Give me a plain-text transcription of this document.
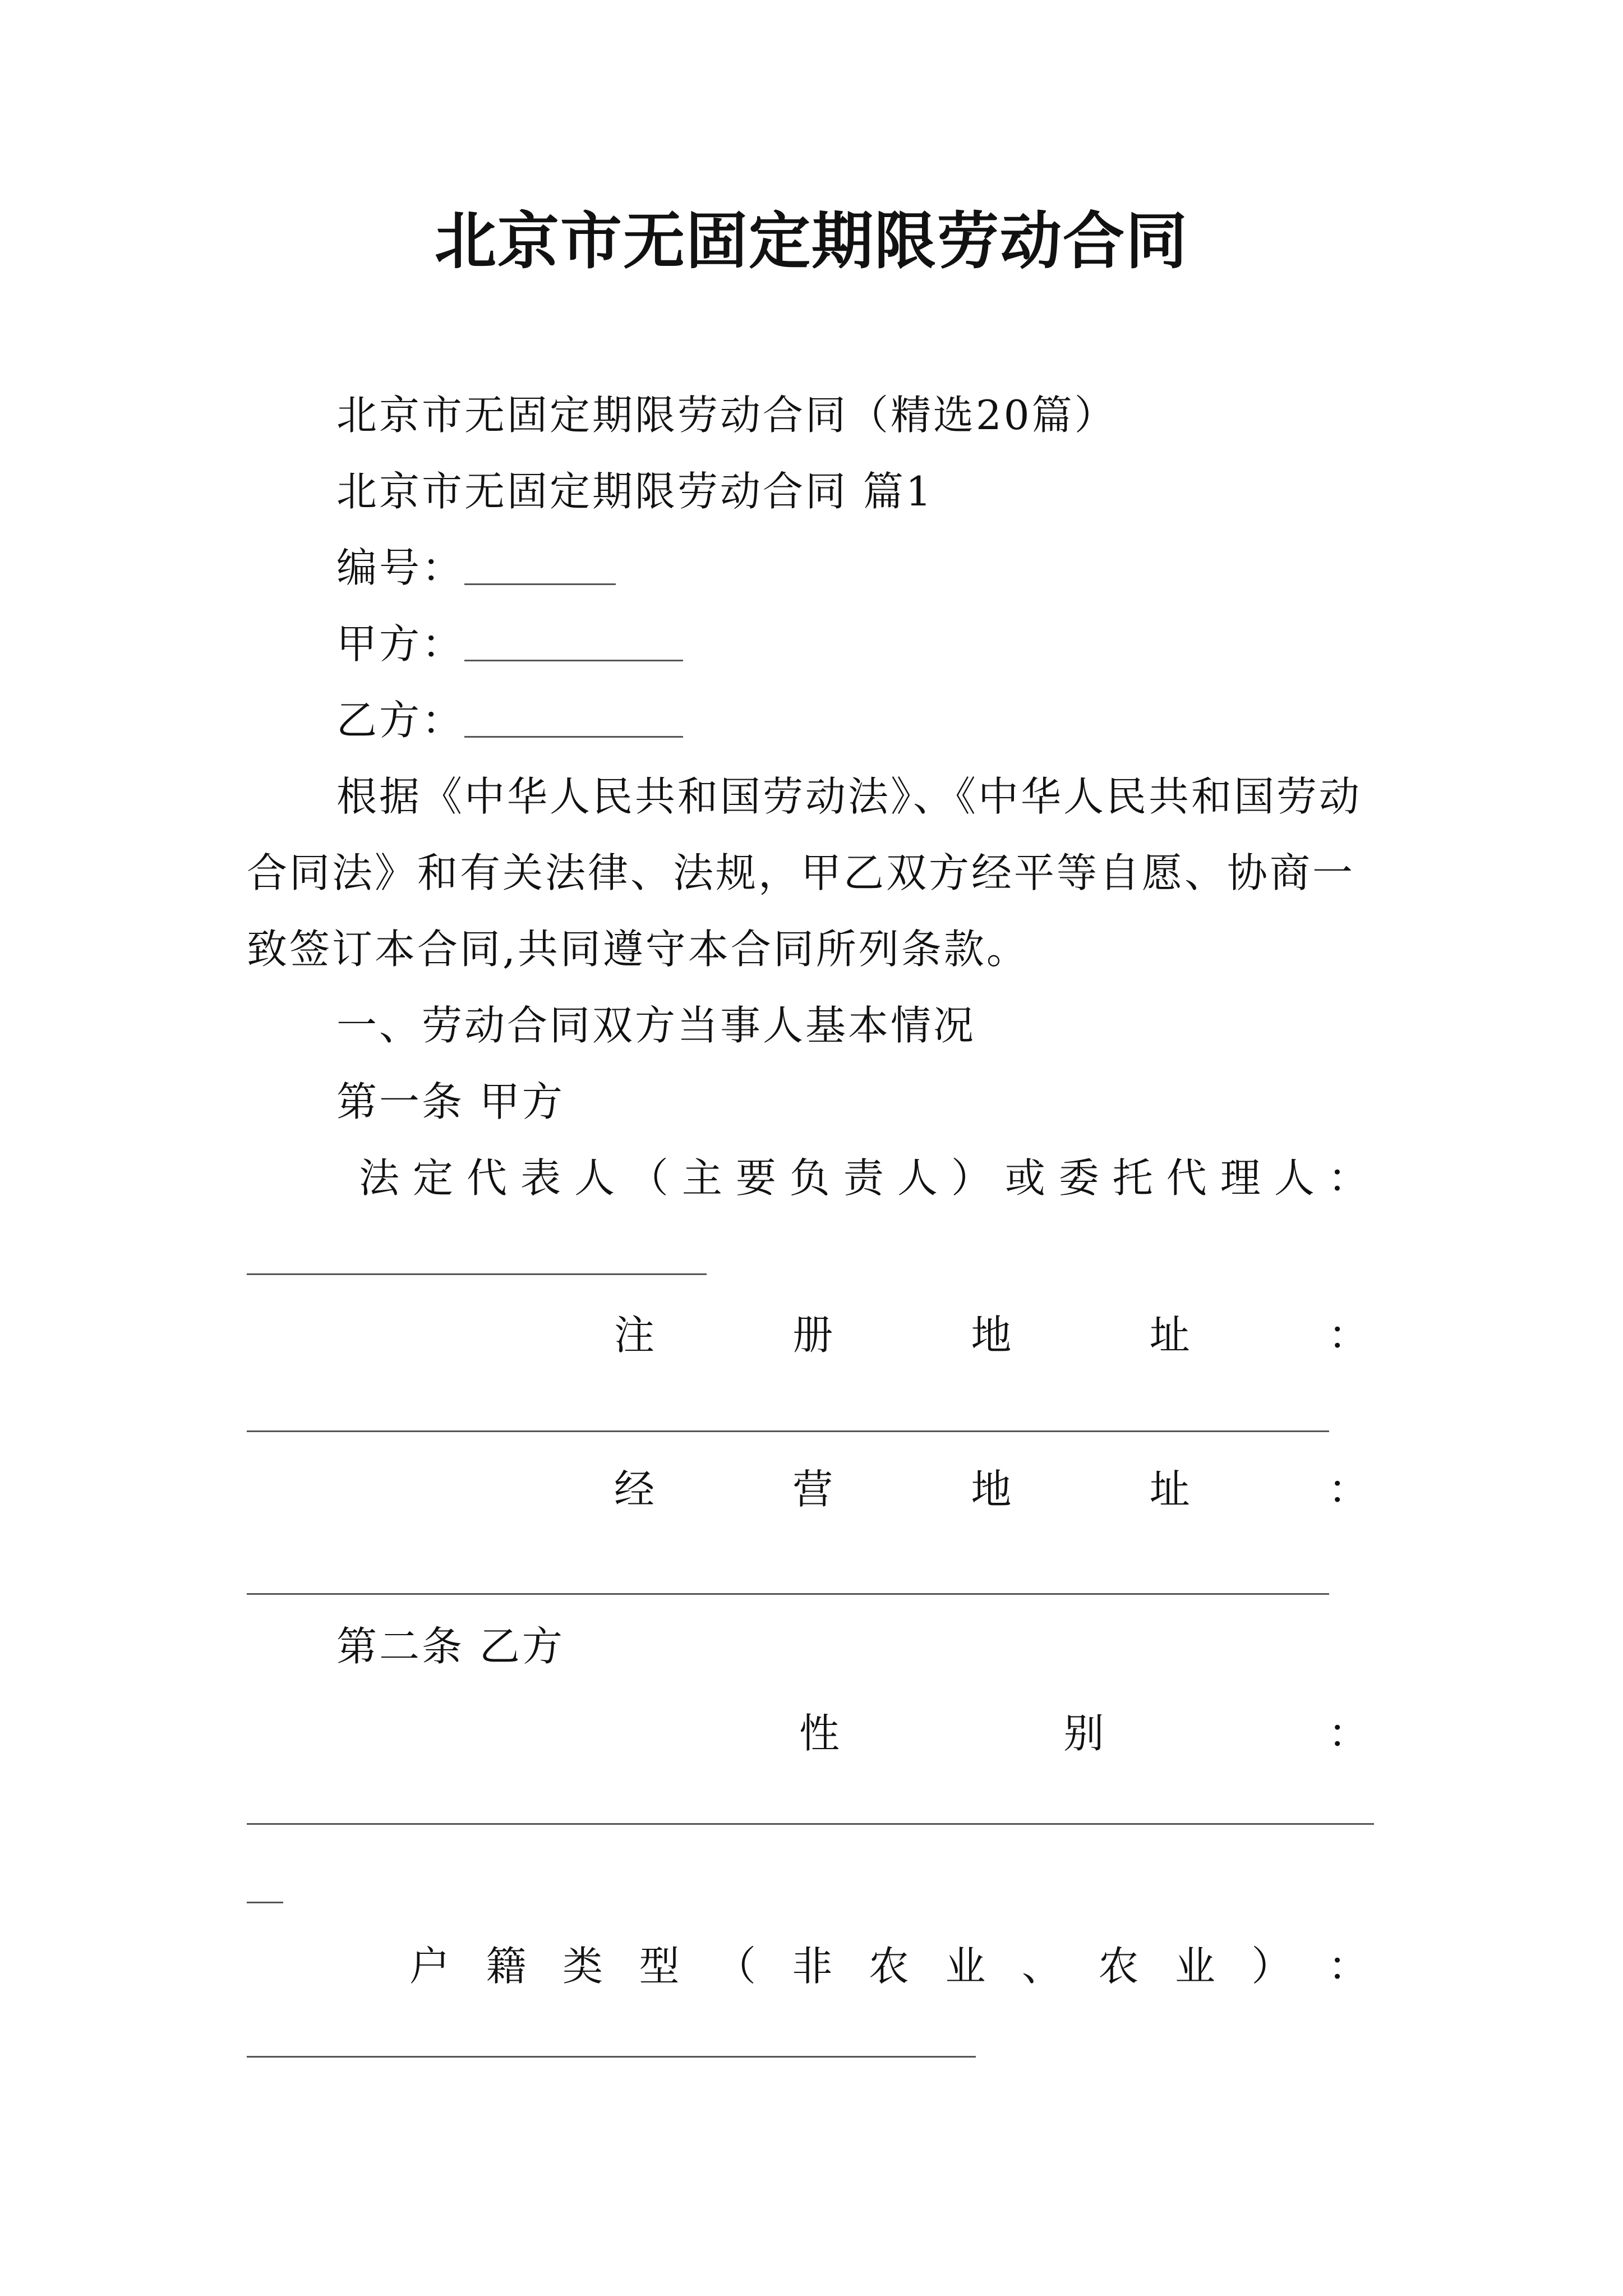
北京市无固定期限劳动合同
北京市无固定期限劳动合同（精选20篇）
北京市无固定期限劳动合同 篇1
编号：
甲方：
乙方：
根据《中华人民共和国劳动法》、《中华人民共和国劳动
合同法》和有关法律、法规，甲乙双方经平等自愿、协商一
致签订本合同,共同遵守本合同所列条款。
一、劳动合同双方当事人基本情况
第一条 甲方
法 定 代 表 人 （ 主 要 负 责 人 ） 或 委 托 代 理 人 ：
注	册	地	址	：
经	营	地	址	：
第二条 乙方
性	别	：
户 籍 类 型 （ 非 农 业 、 农 业 ） ：
